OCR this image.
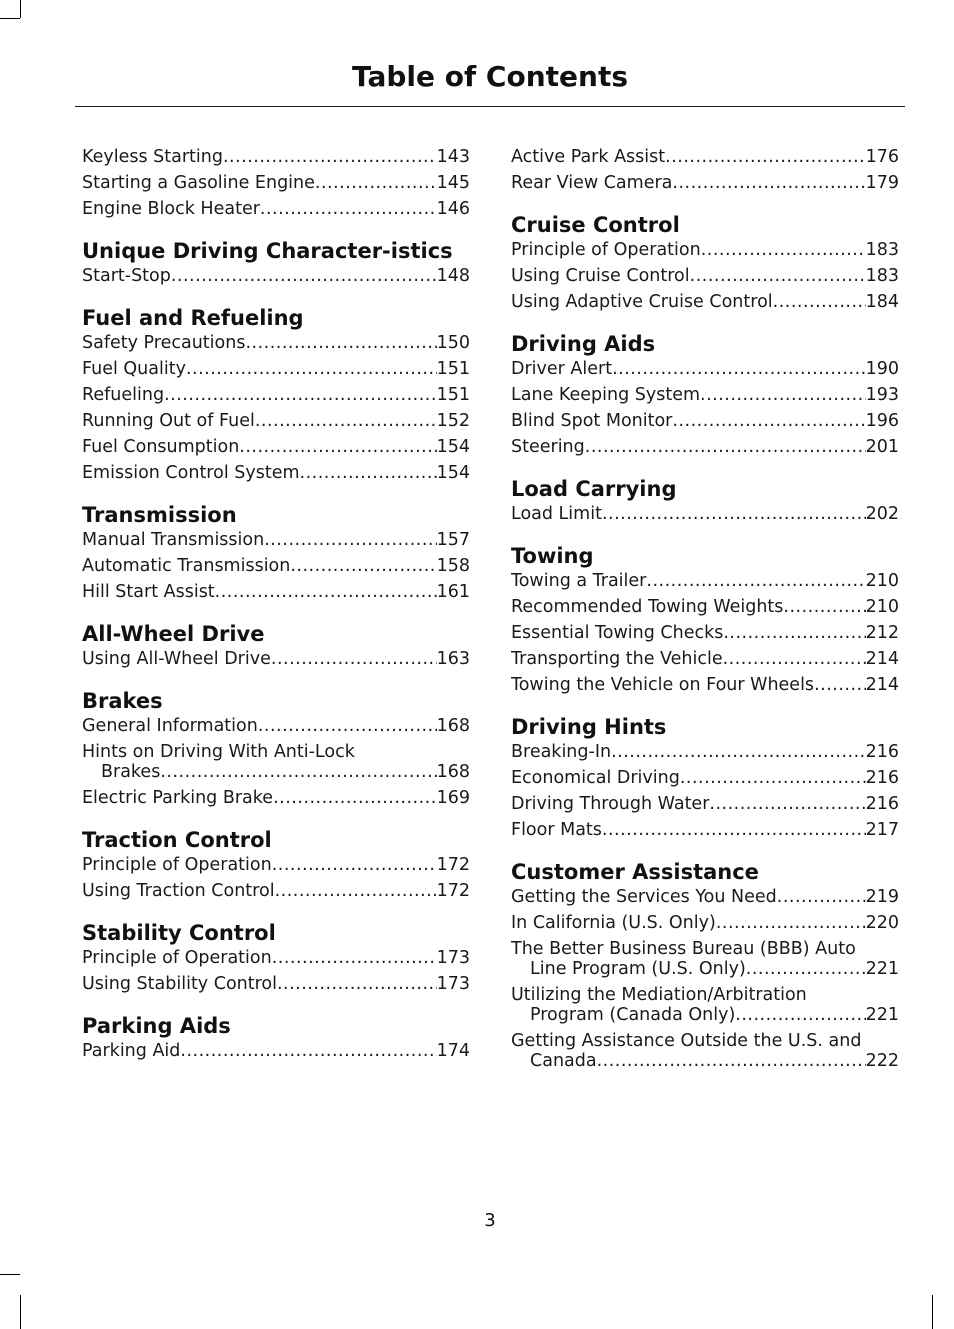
Table of Contents
Keyless Starting .....	143
Starting a Gasoline Engine .....	145
Engine Block Heater .....	146
Unique Driving Character-istics
Start-Stop .....	148
Fuel and Refueling
Safety Precautions .....	150
Fuel Quality .....	151
Refueling .....	151
Running Out of Fuel .....	152
Fuel Consumption .....	154
Emission Control System .....	154
Transmission
Manual Transmission .....	157
Automatic Transmission .....	158
Hill Start Assist .....	161
All-Wheel Drive
Using All-Wheel Drive .....	163
Brakes
General Information .....	168
Hints on Driving With Anti-Lock
Brakes .....	168
Electric Parking Brake .....	169
Traction Control
Principle of Operation .....	172
Using Traction Control .....	172
Stability Control
Principle of Operation .....	173
Using Stability Control .....	173
Parking Aids
Parking Aid .....	174
Active Park Assist .....	176
Rear View Camera .....	179
Cruise Control
Principle of Operation .....	183
Using Cruise Control .....	183
Using Adaptive Cruise Control .....	184
Driving Aids
Driver Alert .....	190
Lane Keeping System .....	193
Blind Spot Monitor .....	196
Steering .....	201
Load Carrying
Load Limit .....	202
Towing
Towing a Trailer .....	210
Recommended Towing Weights .....	210
Essential Towing Checks .....	212
Transporting the Vehicle .....	214
Towing the Vehicle on Four Wheels .....	214
Driving Hints
Breaking-In .....	216
Economical Driving .....	216
Driving Through Water .....	216
Floor Mats .....	217
Customer Assistance
Getting the Services You Need .....	219
In California (U.S. Only) .....	220
The Better Business Bureau (BBB) Auto
Line Program (U.S. Only) .....	221
Utilizing the Mediation/Arbitration
Program (Canada Only) .....	221
Getting Assistance Outside the U.S. and
Canada .....	222
3
